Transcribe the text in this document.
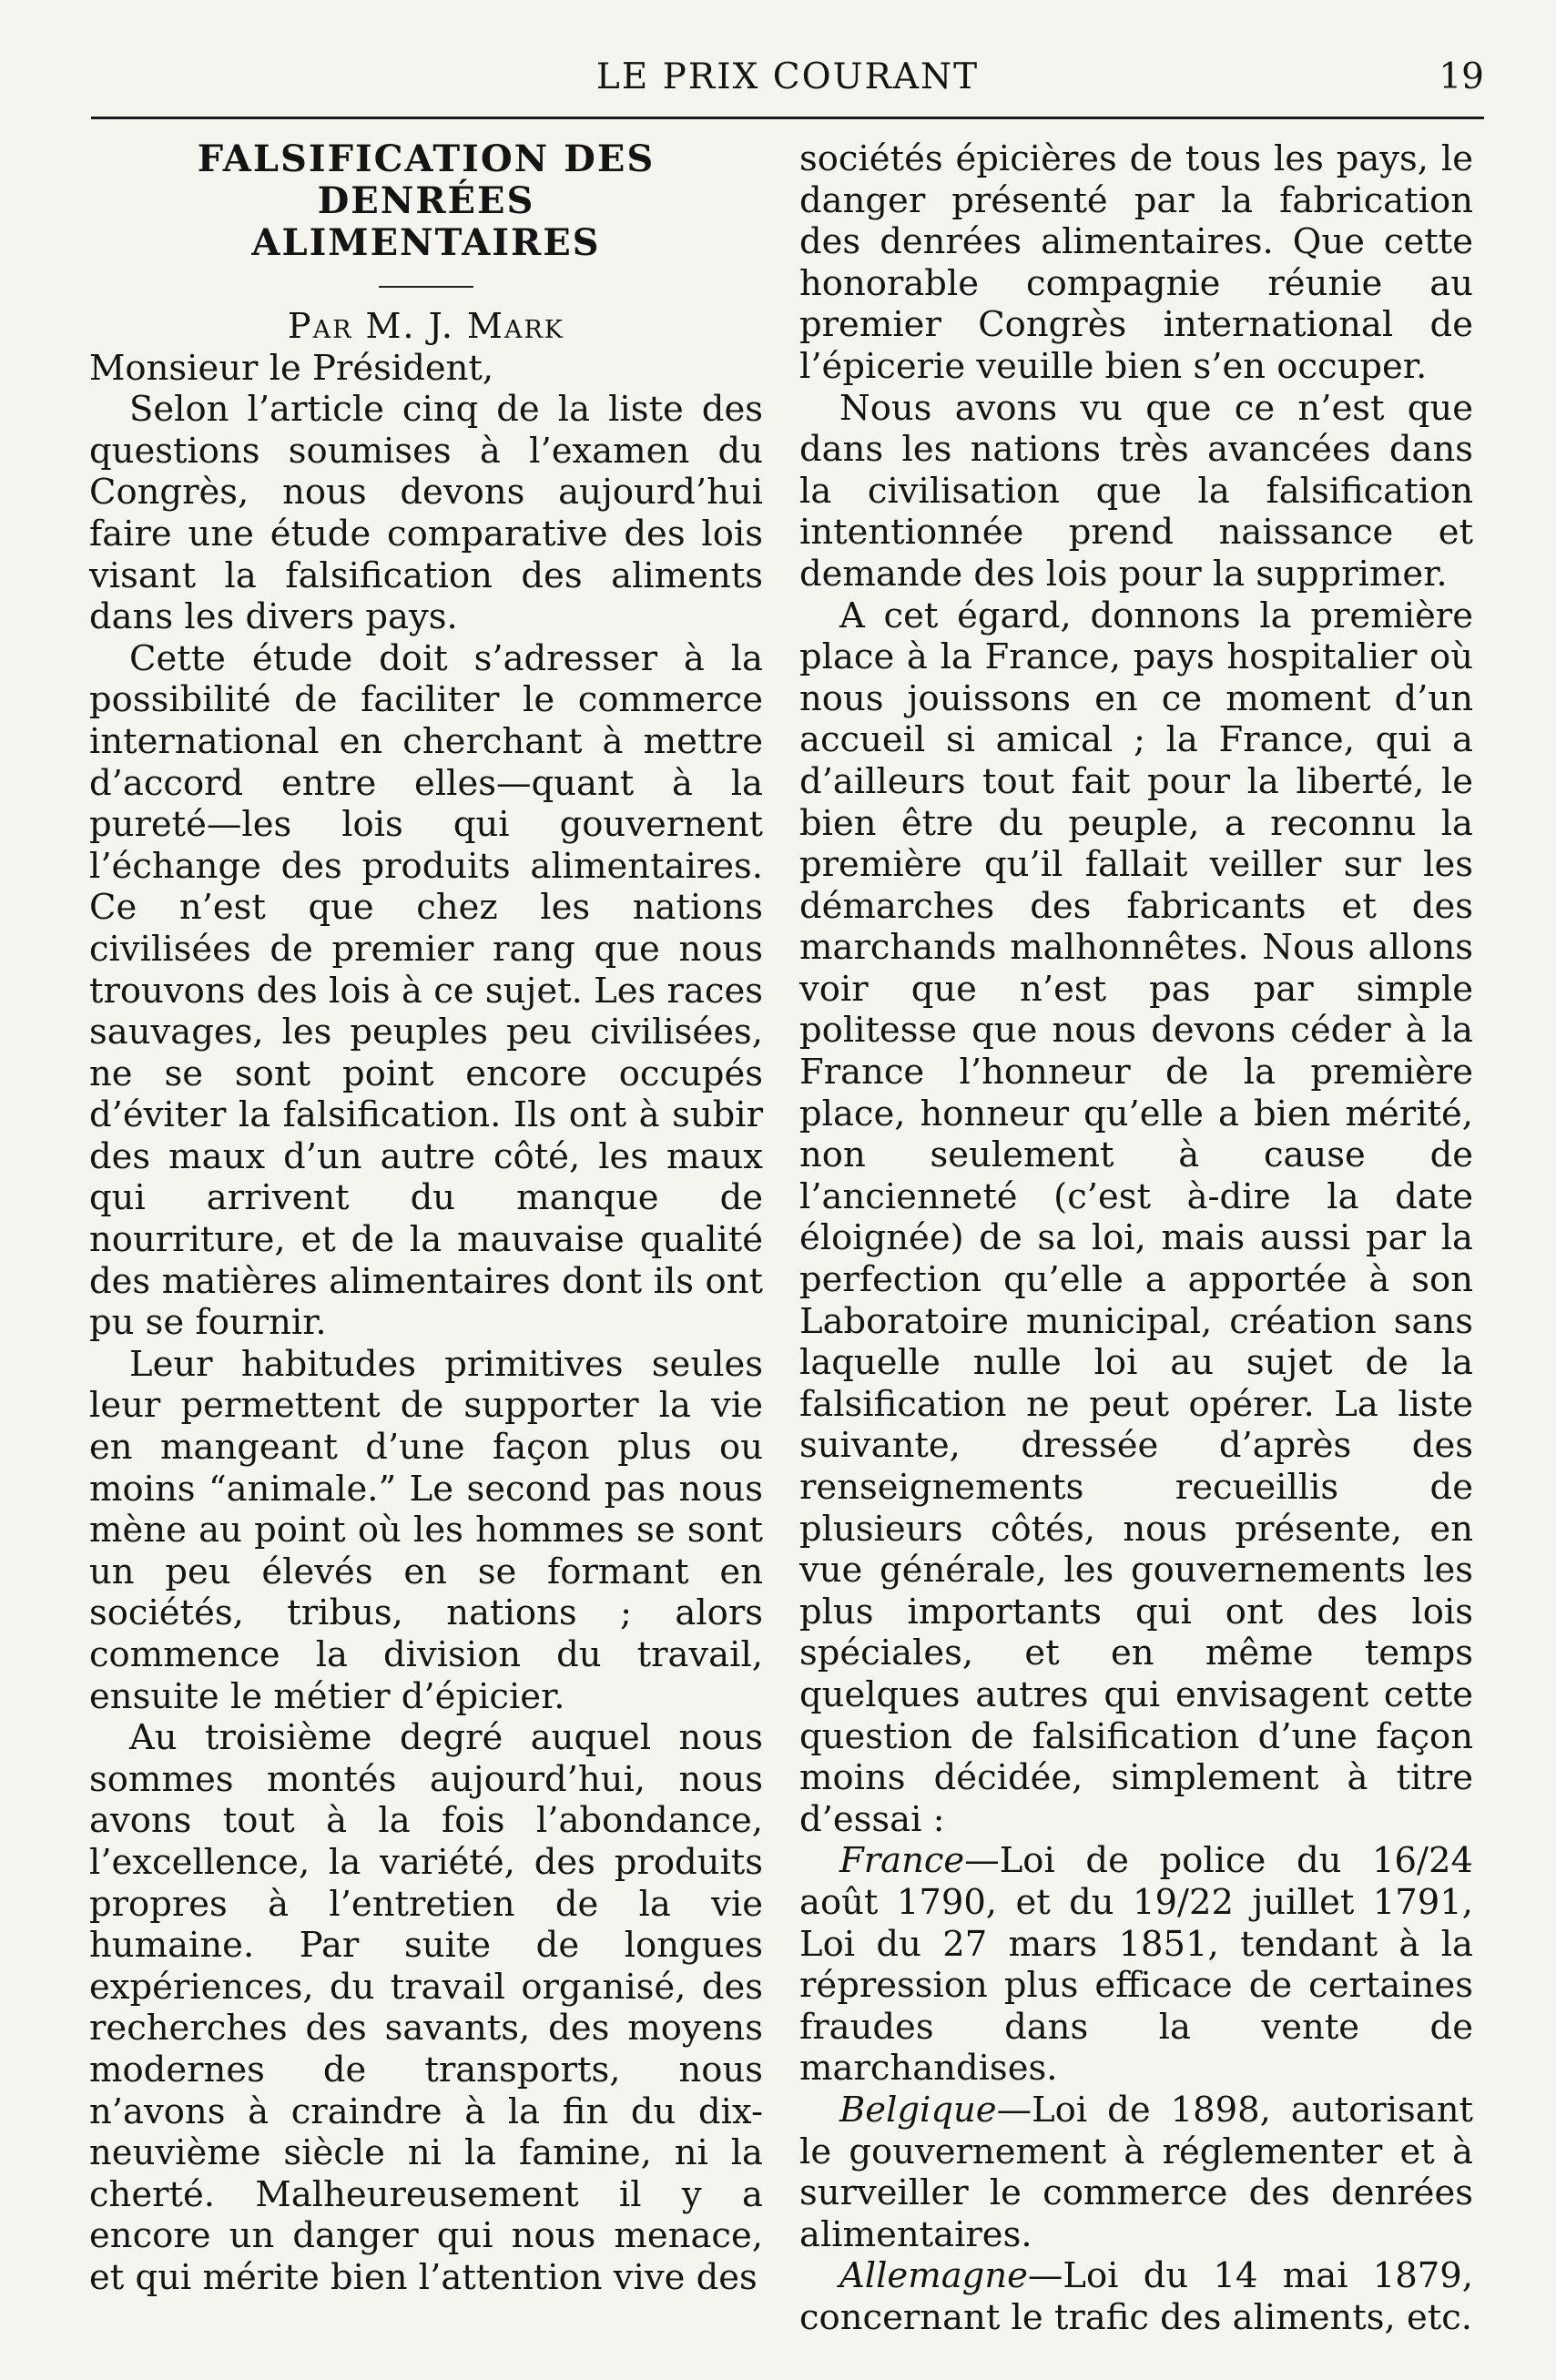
LE PRIX COURANT	19

FALSIFICATION DES DENRÉES

ALIMENTAIRES

Par M. J. Mark

Monsieur le Président,

Selon l’article cinq de la liste des questions soumises à l’examen du Congrès, nous devons aujourd’hui faire une étude comparative des lois visant la falsification des aliments dans les divers pays.

Cette étude doit s’adresser à la possibilité de faciliter le commerce international en cherchant à mettre d’accord entre elles—quant à la pureté—les lois qui gouvernent l’échange des produits alimentaires. Ce n’est que chez les nations civilisées de premier rang que nous trouvons des lois à ce sujet. Les races sauvages, les peuples peu civilisées, ne se sont point encore occupés d’éviter la falsification. Ils ont à subir des maux d’un autre côté, les maux qui arrivent du manque de nourriture, et de la mauvaise qualité des matières alimentaires dont ils ont pu se fournir.

Leur habitudes primitives seules leur permettent de supporter la vie en mangeant d’une façon plus ou moins “animale.” Le second pas nous mène au point où les hommes se sont un peu élevés en se formant en sociétés, tribus, nations ; alors commence la division du travail, ensuite le métier d’épicier.

Au troisième degré auquel nous sommes montés aujourd’hui, nous avons tout à la fois l’abondance, l’excellence, la variété, des produits propres à l’entretien de la vie humaine. Par suite de longues expériences, du travail organisé, des recherches des savants, des moyens modernes de transports, nous n’avons à craindre à la fin du dix-neuvième siècle ni la famine, ni la cherté. Malheureusement il y a encore un danger qui nous menace, et qui mérite bien l’attention vive des

sociétés épicières de tous les pays, le danger présenté par la fabrication des denrées alimentaires. Que cette honorable compagnie réunie au premier Congrès international de l’épicerie veuille bien s’en occuper.

Nous avons vu que ce n’est que dans les nations très avancées dans la civilisation que la falsification intentionnée prend naissance et demande des lois pour la supprimer.

A cet égard, donnons la première place à la France, pays hospitalier où nous jouissons en ce moment d’un accueil si amical ; la France, qui a d’ailleurs tout fait pour la liberté, le bien être du peuple, a reconnu la première qu’il fallait veiller sur les démarches des fabricants et des marchands malhonnêtes. Nous allons voir que n’est pas par simple politesse que nous devons céder à la France l’honneur de la première place, honneur qu’elle a bien mérité, non seulement à cause de l’ancienneté (c’est à-dire la date éloignée) de sa loi, mais aussi par la perfection qu’elle a apportée à son Laboratoire municipal, création sans laquelle nulle loi au sujet de la falsification ne peut opérer. La liste suivante, dressée d’après des renseignements recueillis de plusieurs côtés, nous présente, en vue générale, les gouvernements les plus importants qui ont des lois spéciales, et en même temps quelques autres qui envisagent cette question de falsification d’une façon moins décidée, simplement à titre d’essai :

France—Loi de police du 16/24 août 1790, et du 19/22 juillet 1791, Loi du 27 mars 1851, tendant à la répression plus efficace de certaines fraudes dans la vente de marchandises.

Belgique—Loi de 1898, autorisant le gouvernement à réglementer et à surveiller le commerce des denrées alimentaires.

Allemagne—Loi du 14 mai 1879, concernant le trafic des aliments, etc.
